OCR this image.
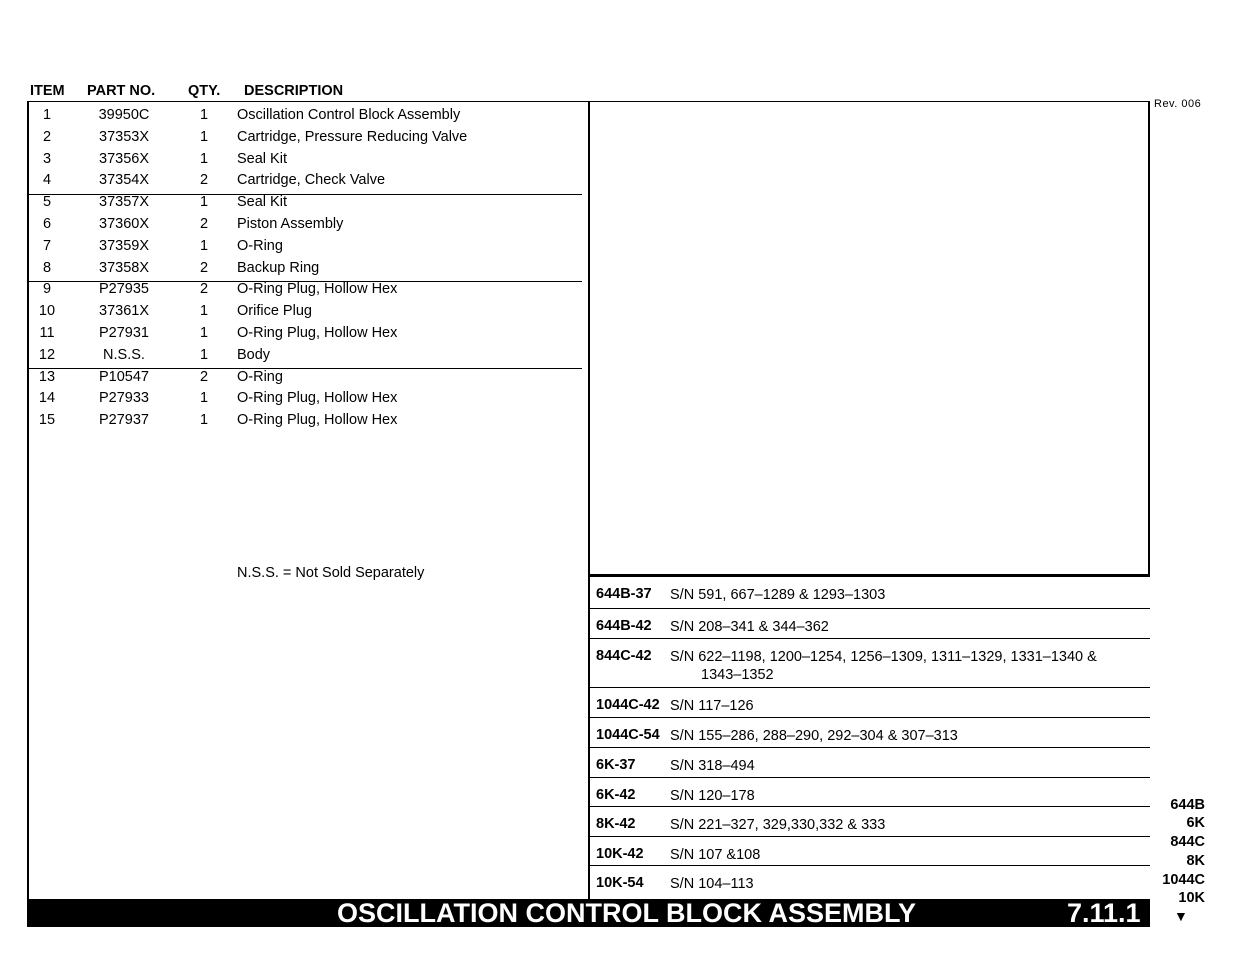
ITEM PART NO. QTY. DESCRIPTION
Rev. 006
1	39950C	1	Oscillation Control Block Assembly
2	37353X	1	Cartridge, Pressure Reducing Valve
3	37356X	1	Seal Kit
4	37354X	2	Cartridge, Check Valve
5	37357X	1	Seal Kit
6	37360X	2	Piston Assembly
7	37359X	1	O-Ring
8	37358X	2	Backup Ring
9	P27935	2	O-Ring Plug, Hollow Hex
10	37361X	1	Orifice Plug
11	P27931	1	O-Ring Plug, Hollow Hex
12	N.S.S.	1	Body
13	P10547	2	O-Ring
14	P27933	1	O-Ring Plug, Hollow Hex
15	P27937	1	O-Ring Plug, Hollow Hex
N.S.S. = Not Sold Separately
644B-37 S/N 591, 667–1289 & 1293–1303
644B-42 S/N 208–341 & 344–362
844C-42 S/N 622–1198, 1200–1254, 1256–1309, 1311–1329, 1331–1340 &
1343–1352
1044C-42 S/N 117–126
1044C-54 S/N 155–286, 288–290, 292–304 & 307–313
6K-37 S/N 318–494
6K-42 S/N 120–178
8K-42 S/N 221–327, 329,330,332 & 333
10K-42 S/N 107 &108
10K-54 S/N 104–113
644B
6K
844C
8K
1044C
10K
▼
OSCILLATION CONTROL BLOCK ASSEMBLY	7.11.1
